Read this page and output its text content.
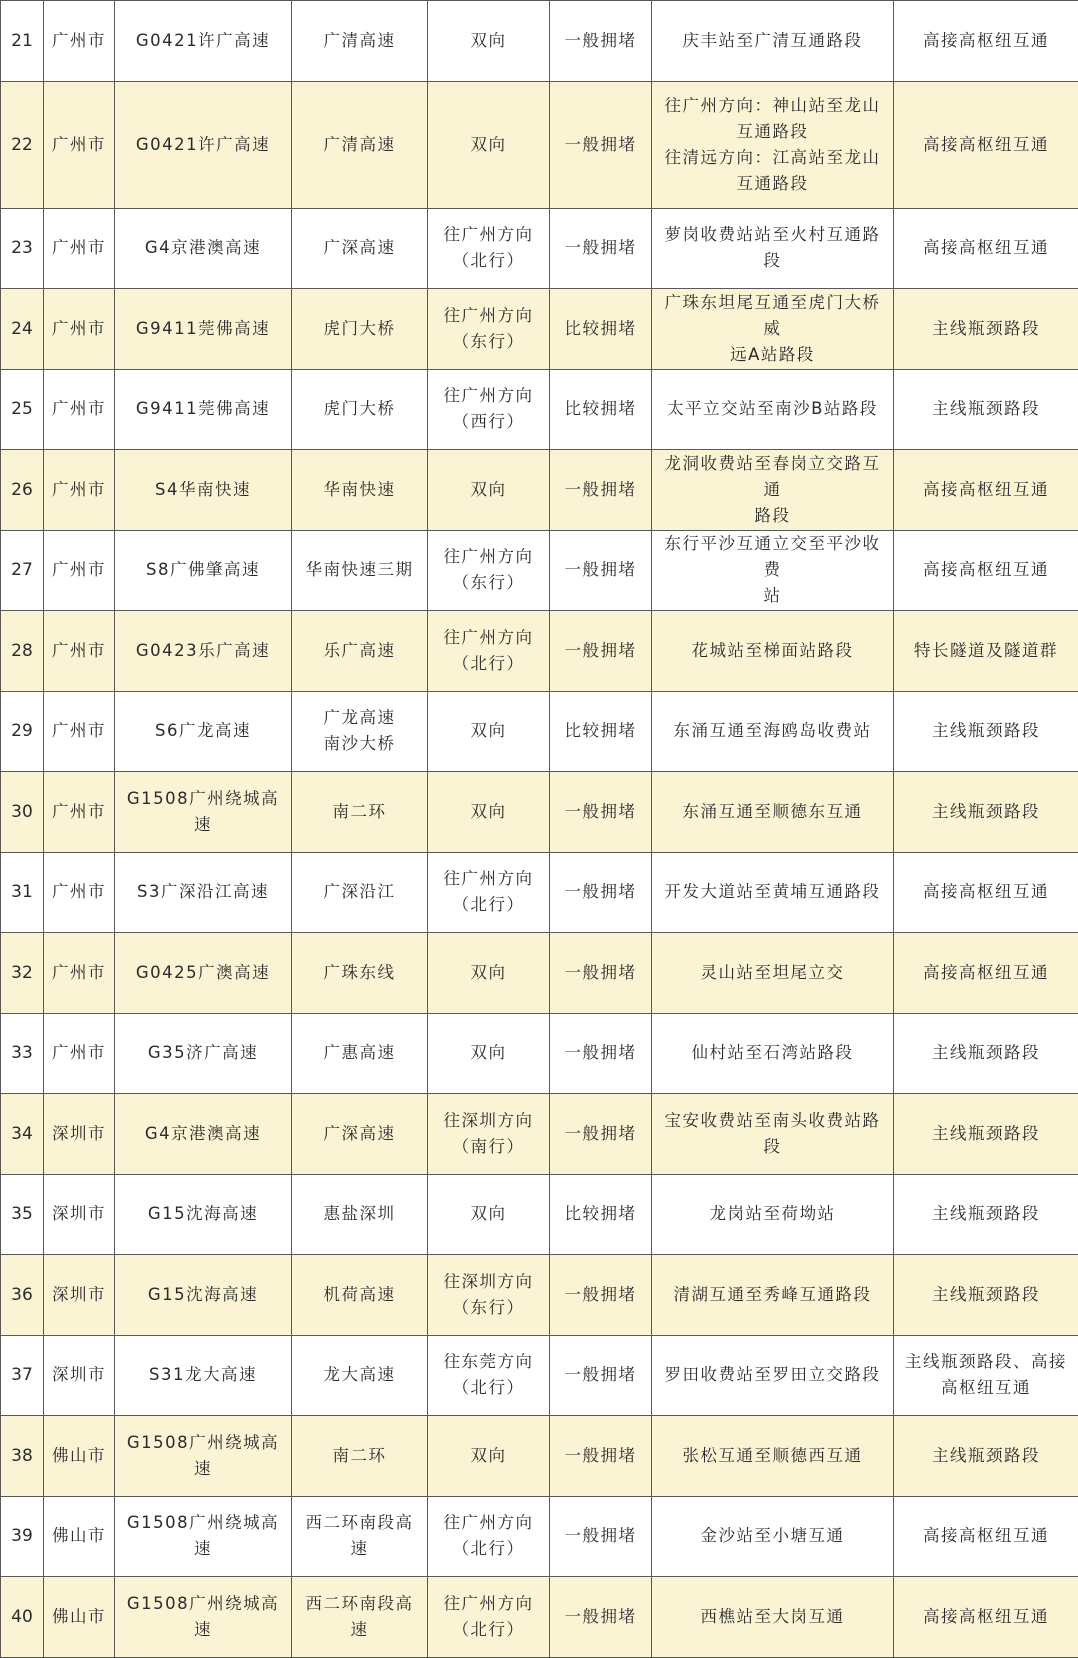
21	广州市	G0421许广高速	广清高速	双向	一般拥堵	庆丰站至广清互通路段	高接高枢纽互通
22	广州市	G0421许广高速	广清高速	双向	一般拥堵	往广州方向：神山站至龙山
互通路段
往清远方向：江高站至龙山
互通路段	高接高枢纽互通
23	广州市	G4京港澳高速	广深高速	往广州方向
（北行）	一般拥堵	萝岗收费站站至火村互通路段	高接高枢纽互通
24	广州市	G9411莞佛高速	虎门大桥	往广州方向
（东行）	比较拥堵	广珠东坦尾互通至虎门大桥威
远A站路段	主线瓶颈路段
25	广州市	G9411莞佛高速	虎门大桥	往广州方向
（西行）	比较拥堵	太平立交站至南沙B站路段	主线瓶颈路段
26	广州市	S4华南快速	华南快速	双向	一般拥堵	龙洞收费站至春岗立交路互通
路段	高接高枢纽互通
27	广州市	S8广佛肇高速	华南快速三期	往广州方向
（东行）	一般拥堵	东行平沙互通立交至平沙收费
站	高接高枢纽互通
28	广州市	G0423乐广高速	乐广高速	往广州方向
（北行）	一般拥堵	花城站至梯面站路段	特长隧道及隧道群
29	广州市	S6广龙高速	广龙高速
南沙大桥	双向	比较拥堵	东涌互通至海鸥岛收费站	主线瓶颈路段
30	广州市	G1508广州绕城高速	南二环	双向	一般拥堵	东涌互通至顺德东互通	主线瓶颈路段
31	广州市	S3广深沿江高速	广深沿江	往广州方向
（北行）	一般拥堵	开发大道站至黄埔互通路段	高接高枢纽互通
32	广州市	G0425广澳高速	广珠东线	双向	一般拥堵	灵山站至坦尾立交	高接高枢纽互通
33	广州市	G35济广高速	广惠高速	双向	一般拥堵	仙村站至石湾站路段	主线瓶颈路段
34	深圳市	G4京港澳高速	广深高速	往深圳方向
（南行）	一般拥堵	宝安收费站至南头收费站路段	主线瓶颈路段
35	深圳市	G15沈海高速	惠盐深圳	双向	比较拥堵	龙岗站至荷坳站	主线瓶颈路段
36	深圳市	G15沈海高速	机荷高速	往深圳方向
（东行）	一般拥堵	清湖互通至秀峰互通路段	主线瓶颈路段
37	深圳市	S31龙大高速	龙大高速	往东莞方向
（北行）	一般拥堵	罗田收费站至罗田立交路段	主线瓶颈路段、高接
高枢纽互通
38	佛山市	G1508广州绕城高速	南二环	双向	一般拥堵	张松互通至顺德西互通	主线瓶颈路段
39	佛山市	G1508广州绕城高速	西二环南段高速	往广州方向
（北行）	一般拥堵	金沙站至小塘互通	高接高枢纽互通
40	佛山市	G1508广州绕城高速	西二环南段高速	往广州方向
（北行）	一般拥堵	西樵站至大岗互通	高接高枢纽互通
